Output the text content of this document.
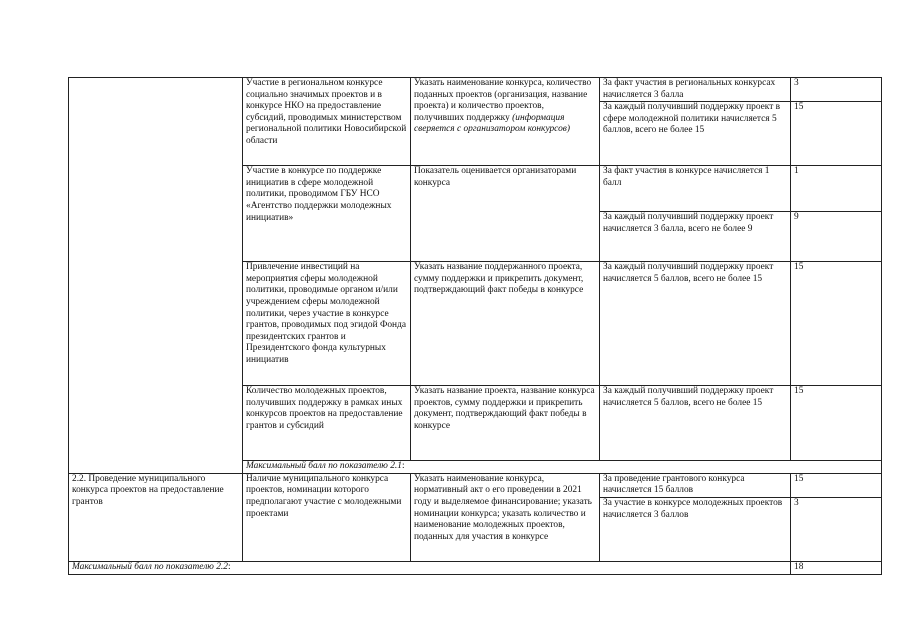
	Участие в региональном конкурсе социально значимых проектов и в конкурсе НКО на предоставление субсидий, проводимых министерством региональной политики Новосибирской области	Указать наименование конкурса, количество поданных проектов (организация, название проекта) и количество проектов, получивших поддержку (информация сверяется с организатором конкурсов)	За факт участия в региональных конкурсах начисляется 3 балла	3	
			За каждый получивший поддержку проект в сфере молодежной политики начисляется 5 баллов, всего не более 15	15	
	Участие в конкурсе по поддержке инициатив в сфере молодежной политики, проводимом ГБУ НСО «Агентство поддержки молодежных инициатив»	Показатель оценивается организаторами конкурса	За факт участия в конкурсе начисляется 1 балл	1	
			За каждый получивший поддержку проект начисляется 3 балла, всего не более 9	9	
	Привлечение инвестиций на мероприятия сферы молодежной политики, проводимые органом и/или учреждением сферы молодежной политики, через участие в конкурсе грантов, проводимых под эгидой Фонда президентских грантов и Президентского фонда культурных инициатив	Указать название поддержанного проекта, сумму поддержки и прикрепить документ, подтверждающий факт победы в конкурсе	За каждый получивший поддержку проект начисляется 5 баллов, всего не более 15	15	
	Количество молодежных проектов, получивших поддержку в рамках иных конкурсов проектов на предоставление грантов и субсидий	Указать название проекта, название конкурса проектов, сумму поддержки и прикрепить документ, подтверждающий факт победы в конкурсе	За каждый получивший поддержку проект начисляется 5 баллов, всего не более 15	15	
	Максимальный балл по показателю 2.1:	
2.2. Проведение муниципального конкурса проектов на предоставление грантов	Наличие муниципального конкурса проектов, номинации которого предполагают участие с молодежными проектами	Указать наименование конкурса, нормативный акт о его проведении в 2021 году и выделяемое финансирование; указать номинации конкурса; указать количество и наименование молодежных проектов, поданных для участия в конкурсе	За проведение грантового конкурса начисляется 15 баллов	15	
			За участие в конкурсе молодежных проектов начисляется 3 баллов	3	
Максимальный балл по показателю 2.2:				18	
